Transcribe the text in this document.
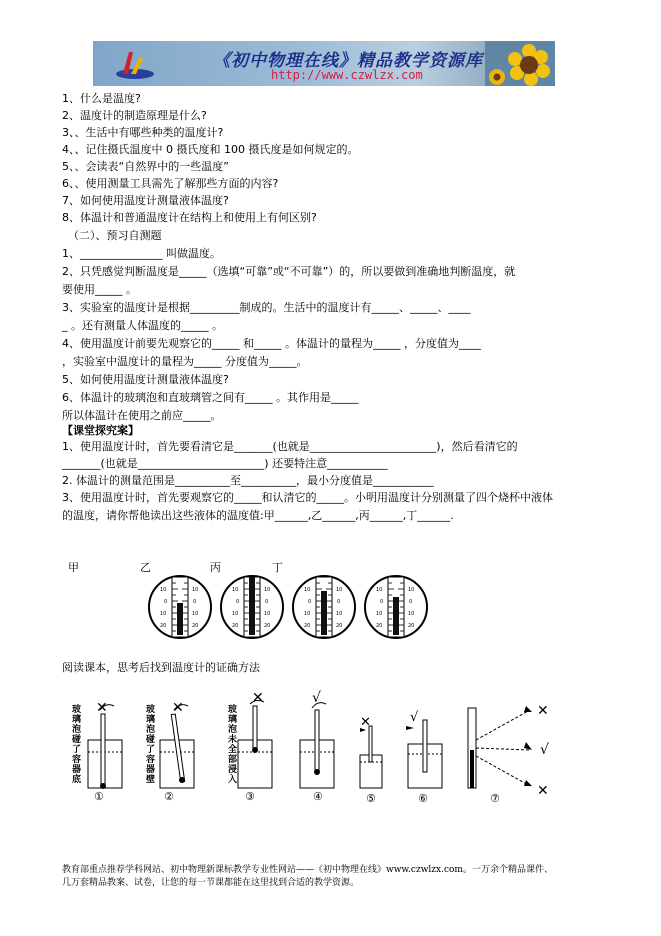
《初中物理在线》精品教学资源库
http://www.czwlzx.com
1、什么是温度?
2、温度计的制造原理是什么?
3、、生活中有哪些种类的温度计?
4、、记住摄氏温度中 0 摄氏度和 100 摄氏度是如何规定的。
5、、会读表“自然界中的一些温度”
6、、使用测量工具需先了解那些方面的内容?
7、如何使用温度计测量液体温度?
8、体温计和普通温度计在结构上和使用上有何区别?
（二）、预习自测题
1、_______________ 叫做温度。
2、只凭感觉判断温度是_____（选填“可靠”或“不可靠”）的，所以要做到准确地判断温度，就
要使用_____ 。
3、实验室的温度计是根据_________制成的。生活中的温度计有_____、_____、____
_ 。还有测量人体温度的_____ 。
4、使用温度计前要先观察它的_____ 和_____ 。体温计的量程为_____ ，分度值为____
，实验室中温度计的量程为_____ 分度值为_____。
5、如何使用温度计测量液体温度?
6、体温计的玻璃泡和直玻璃管之间有_____ 。其作用是_____
所以体温计在使用之前应_____。
【课堂探究案】
1、使用温度计时，首先要看清它是_______(也就是_______________________)，然后看清它的
_______(也就是_______________________) 还要特注意___________
2. 体温计的测量范围是__________至__________，最小分度值是___________
3、使用温度计时，首先要观察它的_____和认清它的_____。小明用温度计分别测量了四个烧杯中液体
的温度，请你帮他读出这些液体的温度值:甲______,乙______,丙______,丁______.
甲	乙	丙	丁
阅读课本，思考后找到温度计的证确方法
玻璃泡碰了容器底
玻璃泡碰了容器壁
玻璃泡未全部浸入
✕	✕
✕	√
✕	√	✕
√
✕
①	②	③	④	⑤	⑥	⑦
教育部重点推荐学科网站、初中物理新课标教学专业性网站——《初中物理在线》www.czwlzx.com。一万余个精品课件、
几万套精品教案、试卷，让您的每一节课都能在这里找到合适的教学资源。
